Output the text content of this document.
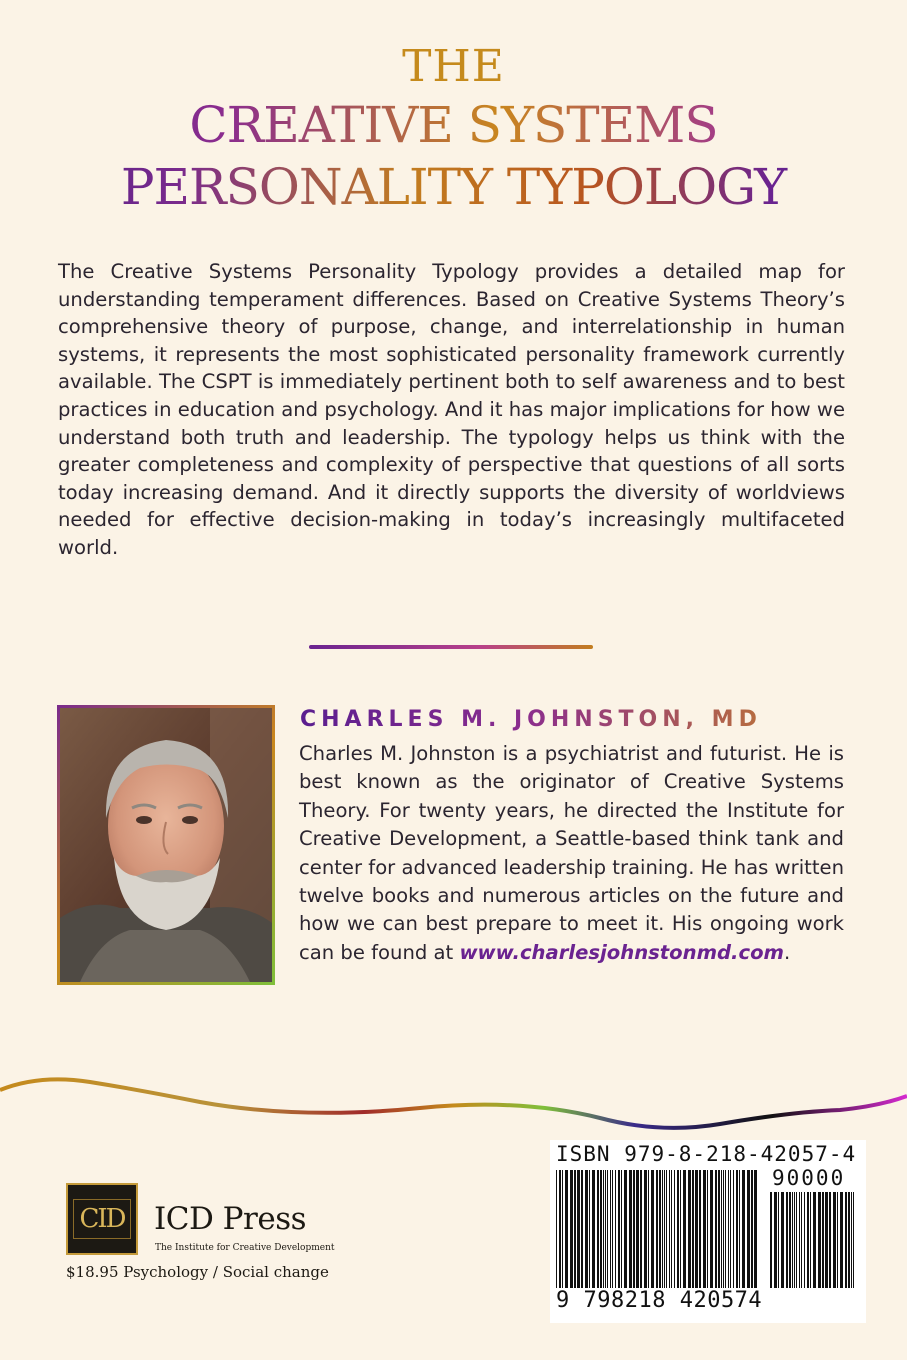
THE
CREATIVE SYSTEMS
PERSONALITY TYPOLOGY

The Creative Systems Personality Typology provides a detailed map for understanding temperament differences. Based on Creative Systems Theory’s comprehensive theory of purpose, change, and interrelationship in human systems, it represents the most sophisticated personality framework currently available. The CSPT is immediately pertinent both to self awareness and to best practices in education and psychology. And it has major implications for how we understand both truth and leadership. The typology helps us think with the greater completeness and complexity of perspective that questions of all sorts today increasing demand. And it directly supports the diversity of worldviews needed for effective decision-making in today’s increasingly multifaceted world.

CHARLES M. JOHNSTON, MD

Charles M. Johnston is a psychiatrist and futurist. He is best known as the originator of Creative Systems Theory. For twenty years, he directed the Institute for Creative Development, a Seattle-based think tank and center for advanced leadership training. He has written twelve books and numerous articles on the future and how we can best prepare to meet it. His ongoing work can be found at www.charlesjohnstonmd.com.

CID ICD Press
The Institute for Creative Development
$18.95 Psychology / Social change
ISBN 979-8-218-42057-4
90000
9 798218 420574
